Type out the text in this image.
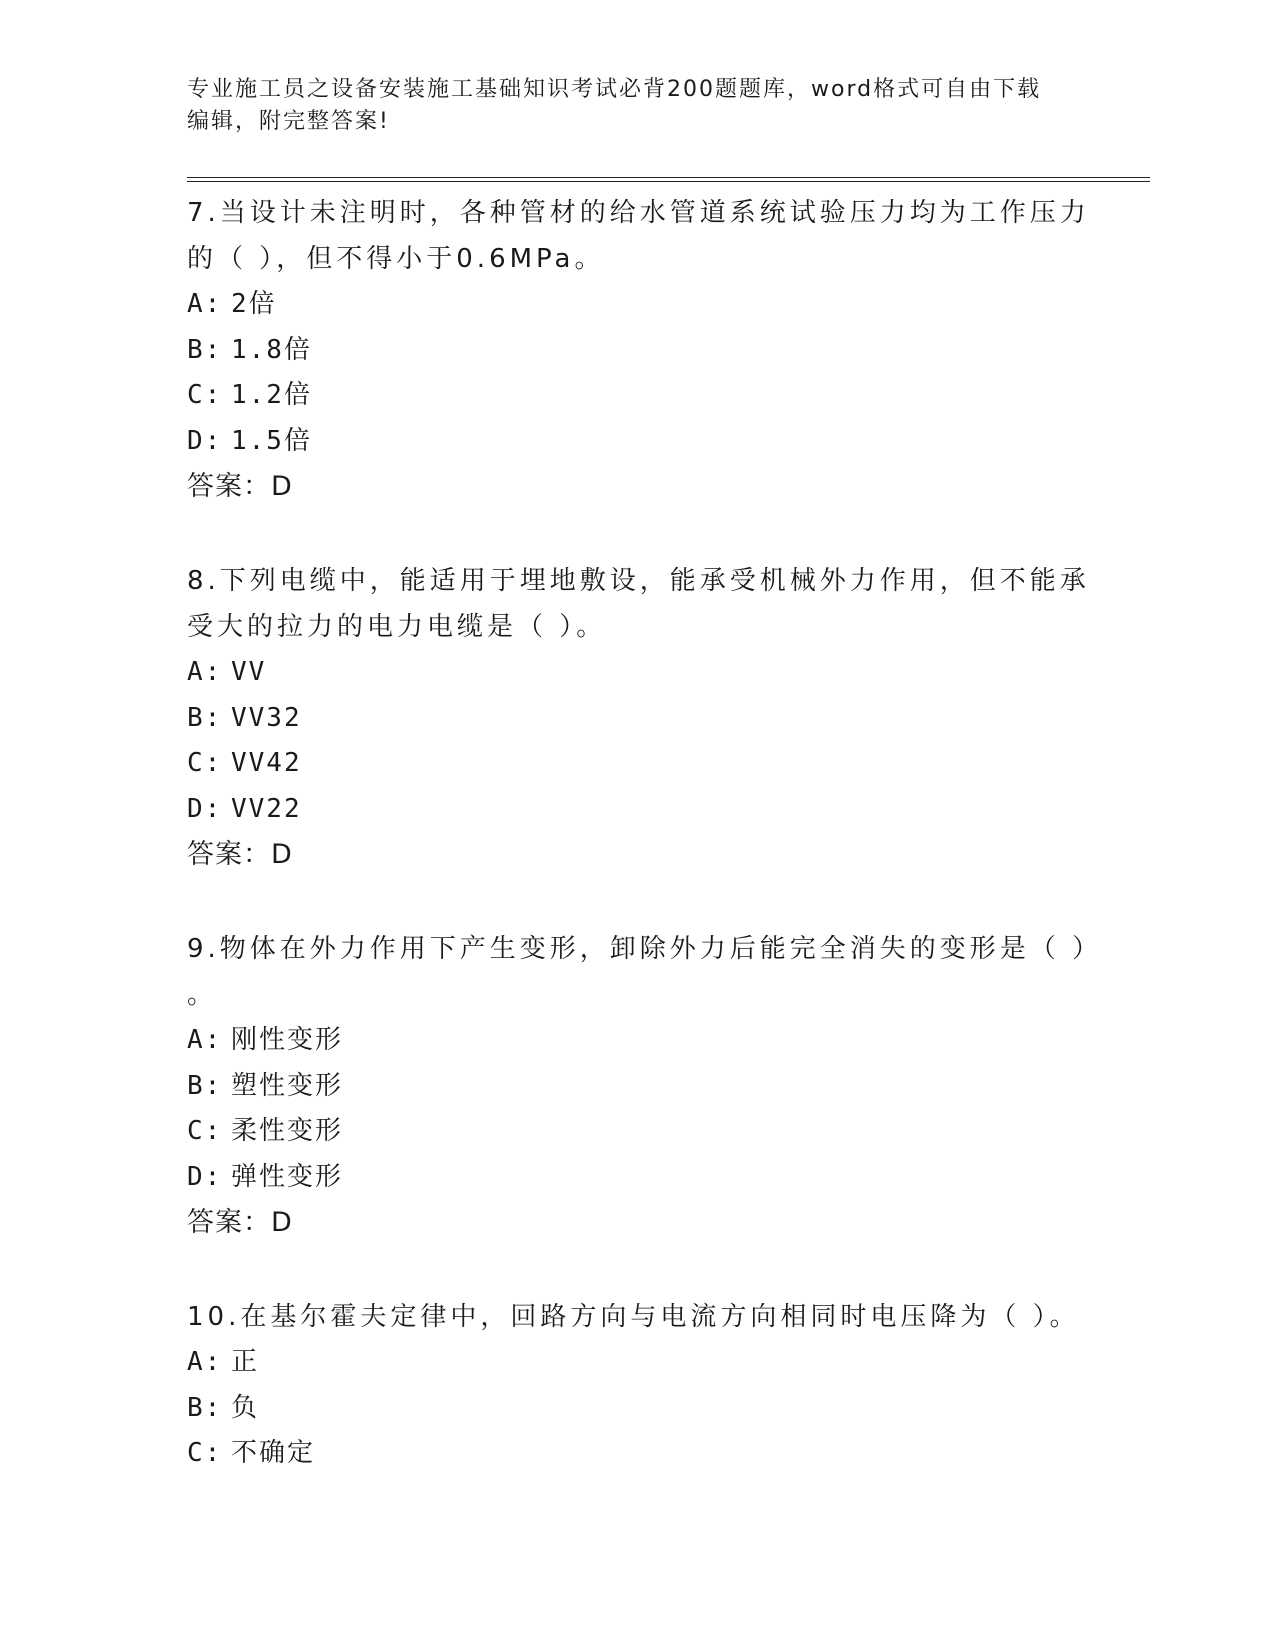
专业施工员之设备安装施工基础知识考试必背200题题库，word格式可自由下载
编辑，附完整答案!
7.当设计未注明时，各种管材的给水管道系统试验压力均为工作压力
的（ ），但不得小于0.6MPa。
A: 2倍
B: 1.8倍
C: 1.2倍
D: 1.5倍
答案：D
8.下列电缆中，能适用于埋地敷设，能承受机械外力作用，但不能承
受大的拉力的电力电缆是（ ）。
A: VV
B: VV32
C: VV42
D: VV22
答案：D
9.物体在外力作用下产生变形，卸除外力后能完全消失的变形是（ ）
。
A: 刚性变形
B: 塑性变形
C: 柔性变形
D: 弹性变形
答案：D
10.在基尔霍夫定律中，回路方向与电流方向相同时电压降为（ ）。
A: 正
B: 负
C: 不确定
